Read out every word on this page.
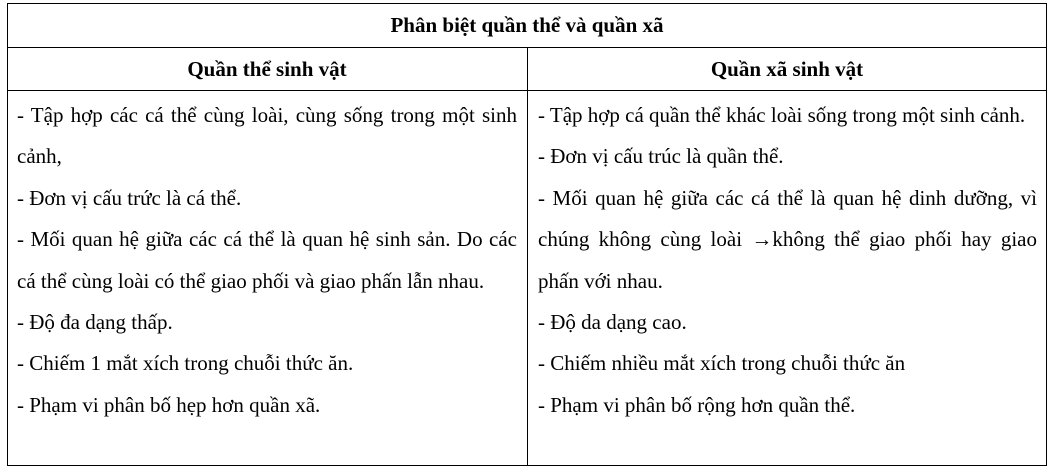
Phân biệt quần thể và quần xã
Quần thể sinh vật	Quần xã sinh vật

- Tập hợp các cá thể cùng loài, cùng sống trong một sinh cảnh,

- Đơn vị cấu trức là cá thể.

- Mối quan hệ giữa các cá thể là quan hệ sinh sản. Do các cá thể cùng loài có thể giao phối và giao phấn lẫn nhau.

- Độ đa dạng thấp.

- Chiếm 1 mắt xích trong chuỗi thức ăn.

- Phạm vi phân bố hẹp hơn quần xã.

- Tập hợp cá quần thể khác loài sống trong một sinh cảnh.

- Đơn vị cấu trúc là quần thể.

- Mối quan hệ giữa các cá thể là quan hệ dinh dưỡng, vì chúng không cùng loài →không thể giao phối hay giao phấn với nhau.

- Độ da dạng cao.

- Chiếm nhiều mắt xích trong chuỗi thức ăn

- Phạm vi phân bố rộng hơn quần thể.
